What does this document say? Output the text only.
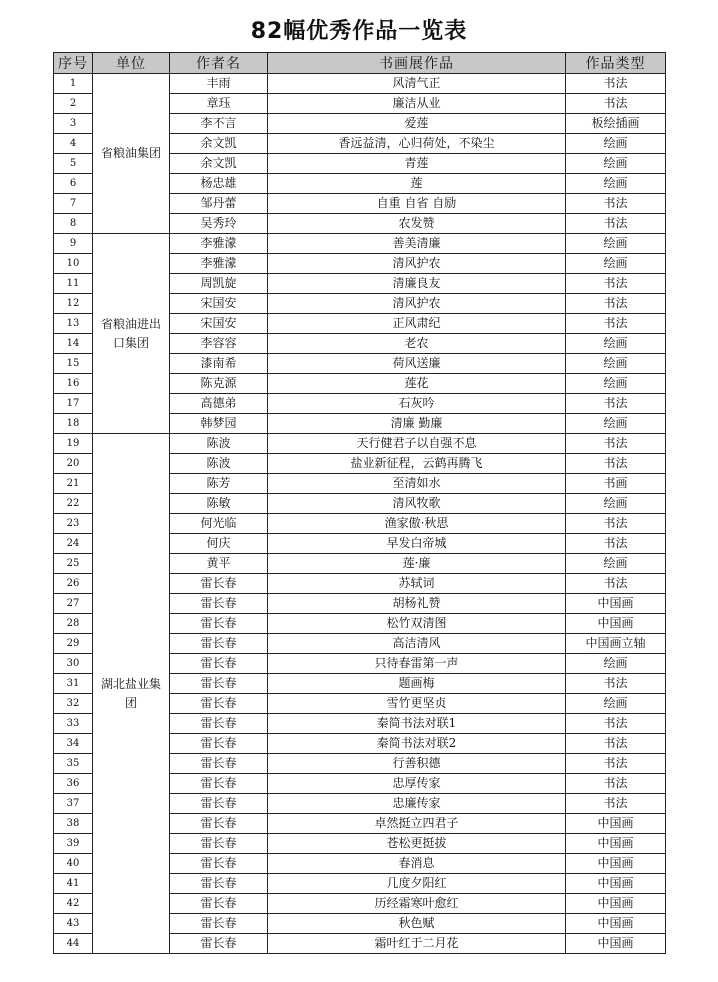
82幅优秀作品一览表
序号	单位	作者名	书画展作品	作品类型
1	省粮油集团	丰雨	风清气正	书法
2		章珏	廉洁从业	书法
3		李不言	爱莲	板绘插画
4		余文凯	香远益清，心归荷处，不染尘	绘画
5		余文凯	青莲	绘画
6		杨忠雄	莲	绘画
7		邹丹蕾	自重 自省 自励	书法
8		吴秀玲	农发赞	书法
9	省粮油进出口集团	李雅濛	善美清廉	绘画
10		李雅濛	清风护农	绘画
11		周凯旋	清廉良友	书法
12		宋国安	清风护农	书法
13		宋国安	正风肃纪	书法
14		李容容	老农	绘画
15		漆南希	荷风送廉	绘画
16		陈克源	莲花	绘画
17		高德弟	石灰吟	书法
18		韩梦园	清廉 勤廉	绘画
19	湖北盐业集团	陈波	天行健君子以自强不息	书法
20		陈波	盐业新征程，云鹤再腾飞	书法
21		陈芳	至清如水	书画
22		陈敏	清风牧歌	绘画
23		何光临	渔家傲·秋思	书法
24		何庆	早发白帝城	书法
25		黄平	莲·廉	绘画
26		雷长春	苏轼词	书法
27		雷长春	胡杨礼赞	中国画
28		雷长春	松竹双清图	中国画
29		雷长春	高洁清风	中国画立轴
30		雷长春	只待春雷第一声	绘画
31		雷长春	题画梅	书法
32		雷长春	雪竹更坚贞	绘画
33		雷长春	秦简书法对联1	书法
34		雷长春	秦简书法对联2	书法
35		雷长春	行善积德	书法
36		雷长春	忠厚传家	书法
37		雷长春	忠廉传家	书法
38		雷长春	卓然挺立四君子	中国画
39		雷长春	苍松更挺拔	中国画
40		雷长春	春消息	中国画
41		雷长春	几度夕阳红	中国画
42		雷长春	历经霜寒叶愈红	中国画
43		雷长春	秋色赋	中国画
44		雷长春	霜叶红于二月花	中国画
